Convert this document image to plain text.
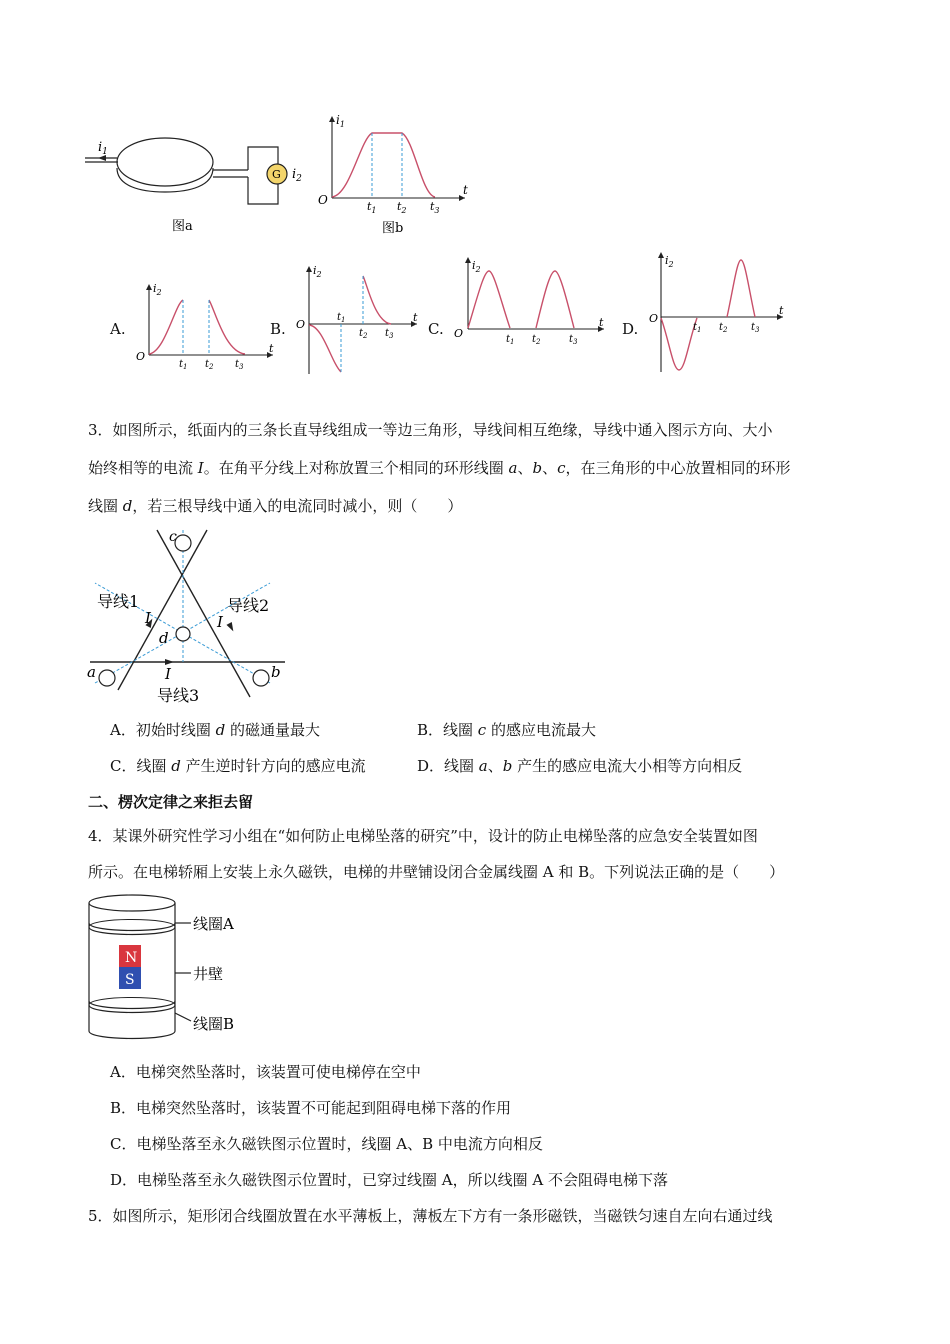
$i_1$
G $i_2$
图a
$i_1$
O
t
$t_1$ $t_2$ $t_3$
图b
A.
$i_2$
O
t
$t_1$ $t_2$ $t_3$
B.
$i_2$
O
t
$t_1$
$t_2$ $t_3$ C.
$i_2$
O
t
$t_1$ $t_2$	$t_3$
D.
$i_2$
O
t
$t_1$ $t_2$ $t_3$
3．如图所示，纸面内的三条长直导线组成一等边三角形，导线间相互绝缘，导线中通入图示方向、大小
始终相等的电流 I。在角平分线上对称放置三个相同的环形线圈 a、b、c，在三角形的中心放置相同的环形
线圈 d，若三根导线中通入的电流同时减小，则（　　）
c
d
a	b
导线1	导线2
导线3
I	I
I
A．初始时线圈 d 的磁通量最大	B．线圈 c 的感应电流最大
C．线圈 d 产生逆时针方向的感应电流	D．线圈 a、b 产生的感应电流大小相等方向相反
二、楞次定律之来拒去留
4．某课外研究性学习小组在“如何防止电梯坠落的研究”中，设计的防止电梯坠落的应急安全装置如图
所示。在电梯轿厢上安装上永久磁铁，电梯的井壁铺设闭合金属线圈 A 和 B。下列说法正确的是（　　）
N
S
线圈A
井壁
线圈B
A．电梯突然坠落时，该装置可使电梯停在空中
B．电梯突然坠落时，该装置不可能起到阻碍电梯下落的作用
C．电梯坠落至永久磁铁图示位置时，线圈 A、B 中电流方向相反
D．电梯坠落至永久磁铁图示位置时，已穿过线圈 A，所以线圈 A 不会阻碍电梯下落
5．如图所示，矩形闭合线圈放置在水平薄板上，薄板左下方有一条形磁铁，当磁铁匀速自左向右通过线
